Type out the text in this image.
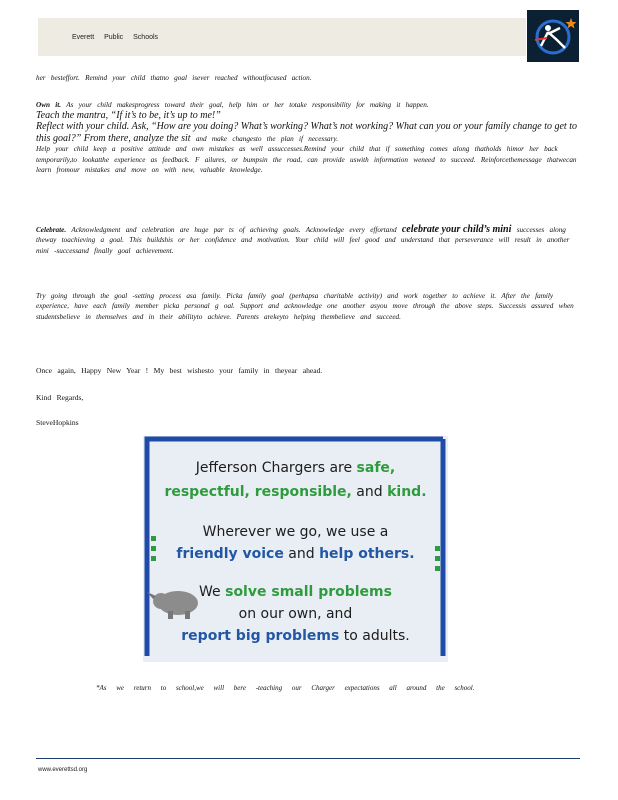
Everett Public Schools

her besteffort. Remind your child thatno goal isever reached withoutfocused action.

Own it. As your child makesprogress toward their goal, help him or her totake responsibility for making it happen.

Teach the mantra, “If it’s to be, it’s up to me!”

Reflect with your child. Ask, “How are you doing? What’s working? What’s not working? What can you or your family change to get to this goal?” From there, analyze the sit and make changesto the plan if necessary.

Help your child keep a positive attitude and own mistakes as well assuccesses.Remind your child that if something comes along thatholds himor her back temporarily,to lookatthe experience as feedback. F ailures, or bumpsin the road, can provide uswith information weneed to succeed. Reinforcethemessage thatwecan learn fromour mistakes and move on with new, valuable knowledge.

Celebrate. Acknowledgment and celebration are huge par ts of achieving goals. Acknowledge every effortand celebrate your child’s mini successes along theway toachieving a goal. This buildshis or her confidence and motivation. Your child will feel good and understand that perseverance will result in another mini -successand finally goal achievement.

Try going through the goal -setting process asa family. Picka family goal (perhapsa charitable activity) and work together to achieve it. After the family experience, have each family member picka personal g oal. Support and acknowledge one another asyou move through the above steps. Successis assured when studentsbelieve in themselves and in their abilityto achieve. Parents arekeyto helping thembelieve and succeed.

Once again, Happy New Year ! My best wishesto your family in theyear ahead.
Kind Regards,
SteveHopkins
Jefferson Chargers are safe,
respectful, responsible, and kind.
Wherever we go, we use a
friendly voice and help others.
We solve small problems
on our own, and
report big problems to adults.
*As we return to school,we will bere -teaching our Charger expectations all around the school.
www.everettsd.org
